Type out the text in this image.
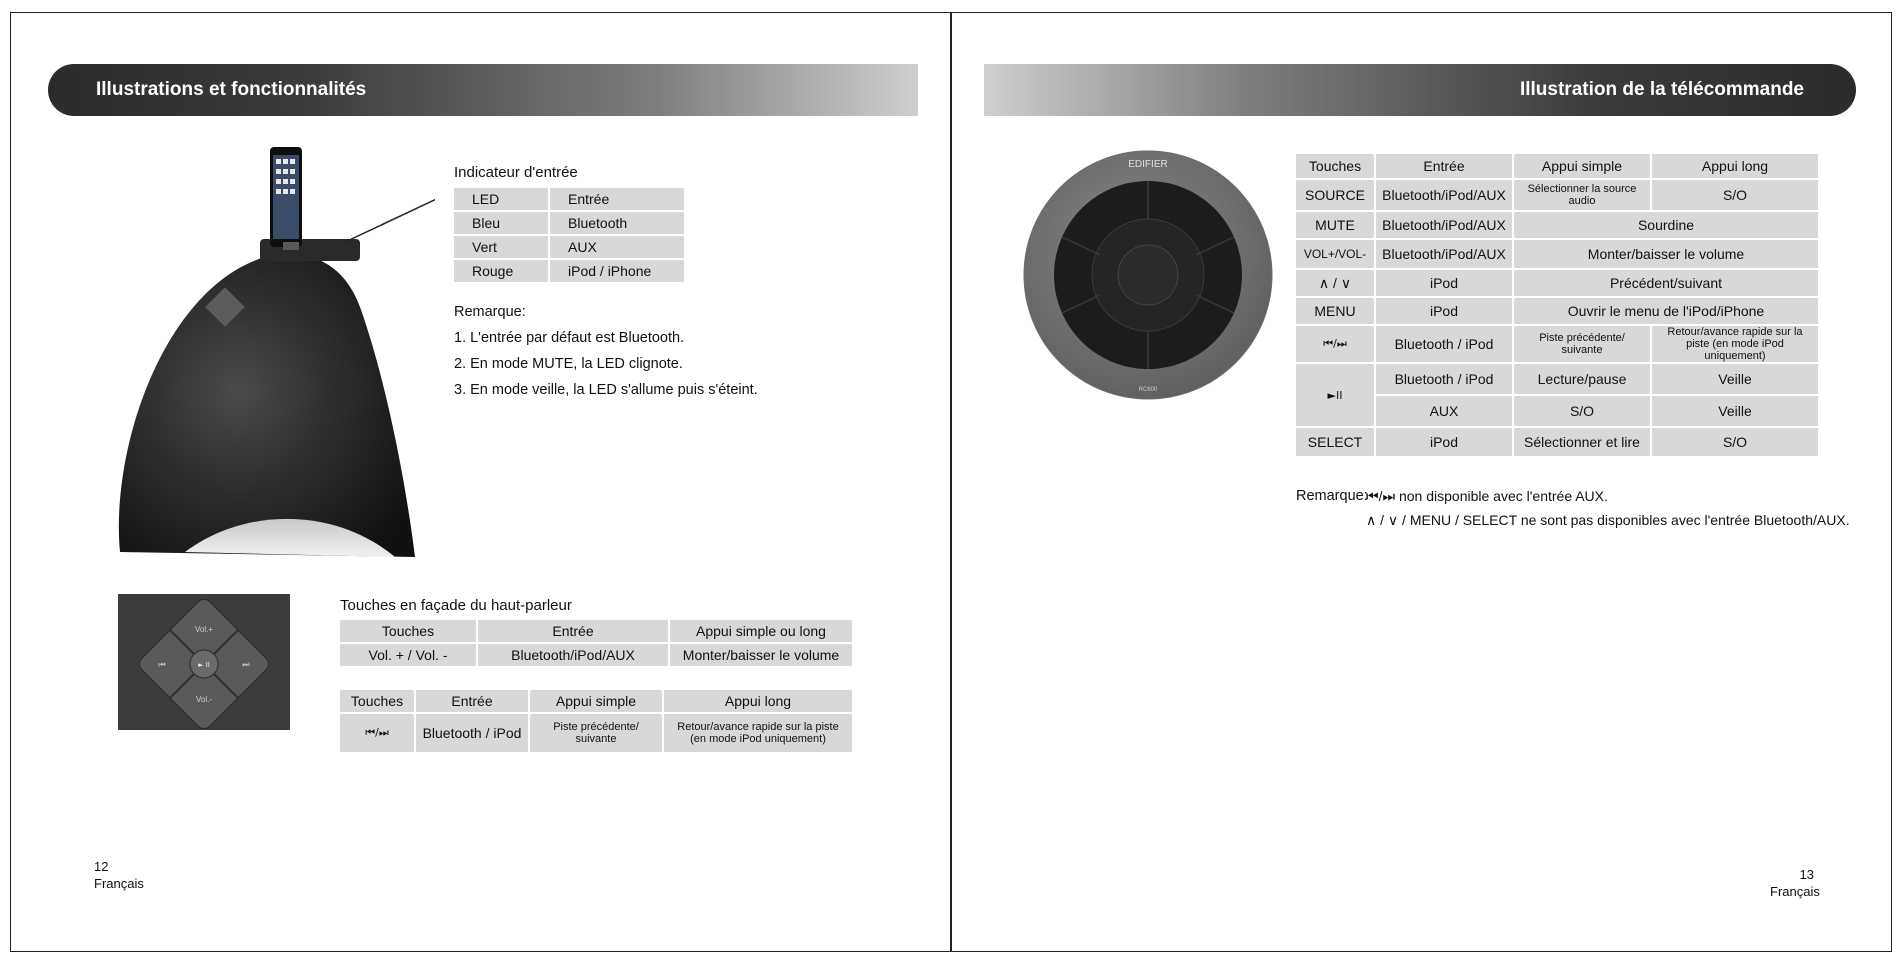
Illustrations et fonctionnalités
Indicateur d'entrée
LED	Entrée
Bleu	Bluetooth
Vert	AUX
Rouge	iPod / iPhone
Remarque:
1. L'entrée par défaut est Bluetooth.
2. En mode MUTE, la LED clignote.
3. En mode veille, la LED s'allume puis s'éteint.
Vol.+
Vol.-
⏮	⏭
► II
Touches en façade du haut-parleur
Touches	Entrée	Appui simple ou long
Vol. + / Vol. -	Bluetooth/iPod/AUX	Monter/baisser le volume
Touches	Entrée	Appui simple	Appui long
⏮/⏭	Bluetooth / iPod	Piste précédente/ suivante	Retour/avance rapide sur la piste (en mode iPod uniquement)
12
Français
Illustration de la télécommande
EDIFIER
RC600
Touches	Entrée	Appui simple	Appui long
SOURCE	Bluetooth/iPod/AUX	Sélectionner la source audio	S/O
MUTE	Bluetooth/iPod/AUX	Sourdine	
VOL+/VOL-	Bluetooth/iPod/AUX	Monter/baisser le volume	
∧ / ∨	iPod	Précédent/suivant	
MENU	iPod	Ouvrir le menu de l'iPod/iPhone	
⏮/⏭	Bluetooth / iPod	Piste précédente/ suivante	Retour/avance rapide sur la piste (en mode iPod uniquement)
►II	Bluetooth / iPod	Lecture/pause	Veille
	AUX	S/O	Veille
SELECT	iPod	Sélectionner et lire	S/O
Remarque:
⏮/⏭ non disponible avec l'entrée AUX.
∧ / ∨ / MENU / SELECT ne sont pas disponibles avec l'entrée Bluetooth/AUX.
13
Français
